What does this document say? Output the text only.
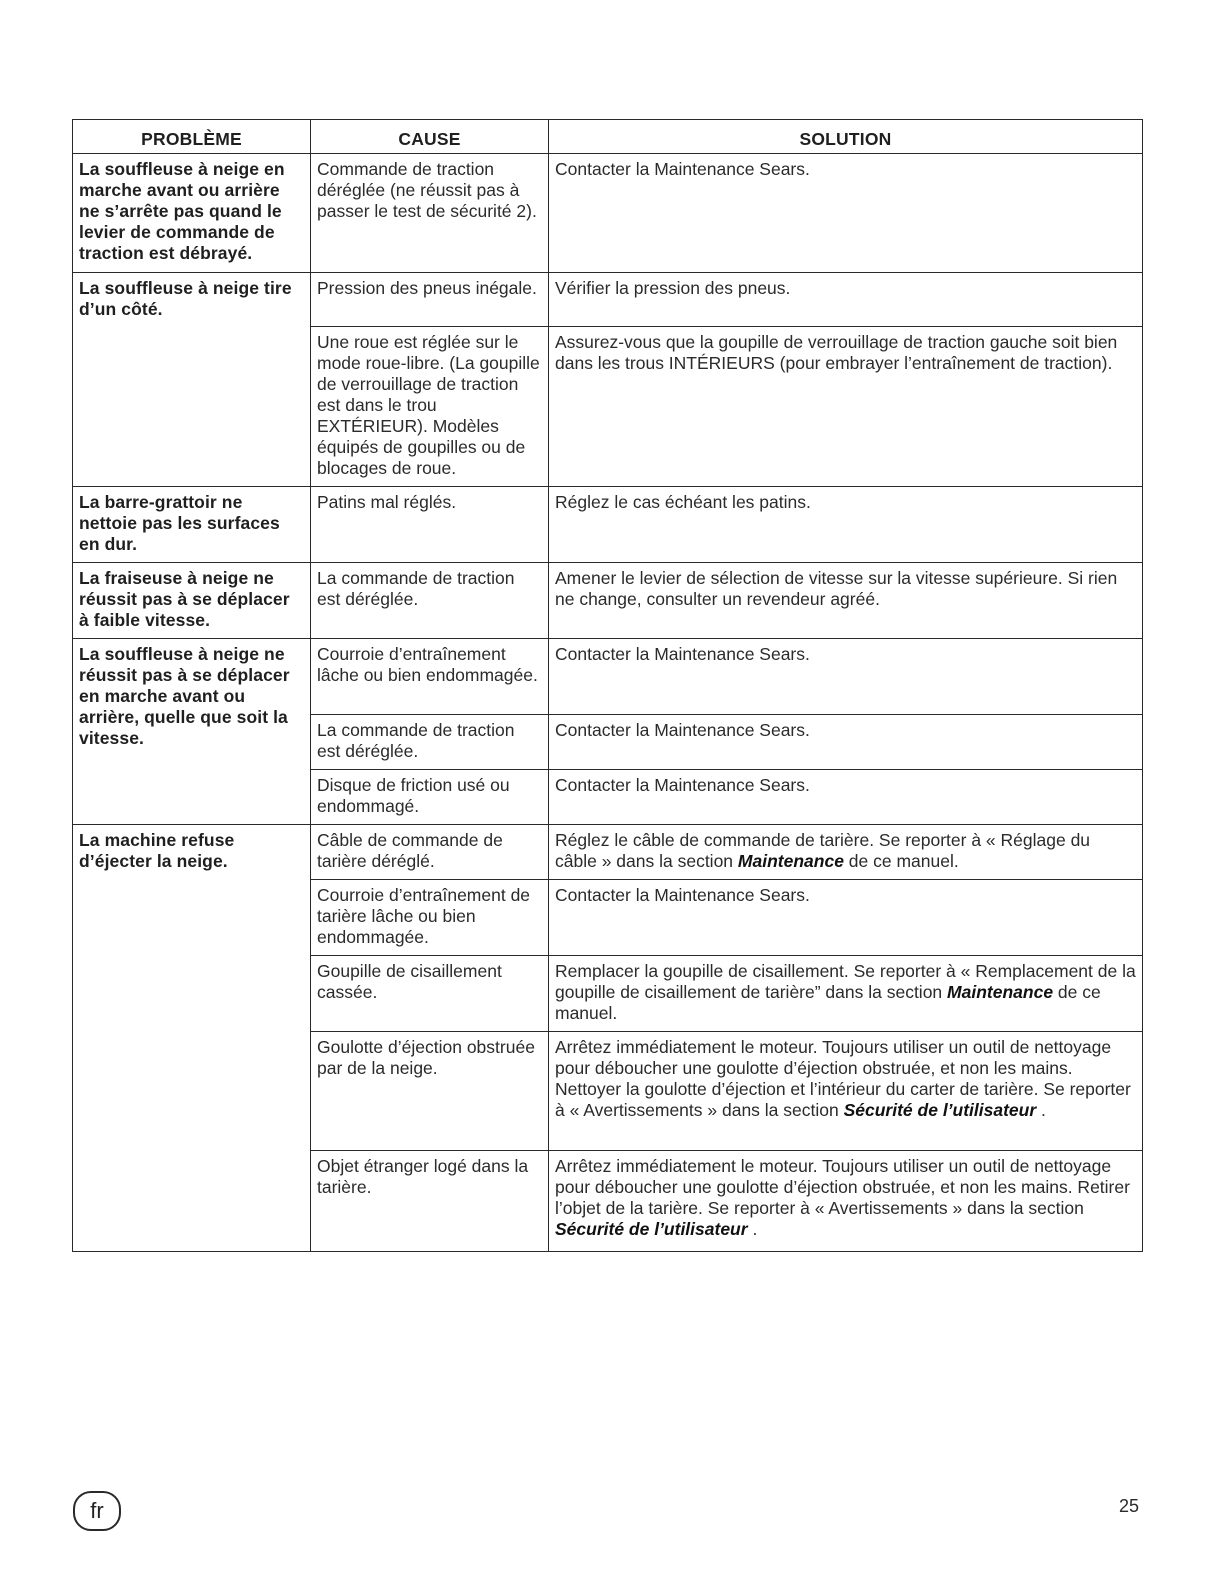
PROBLÈME	CAUSE	SOLUTION
La souffleuse à neige en marche avant ou arrière ne s’arrête pas quand le levier de commande de traction est débrayé.	Commande de traction déréglée (ne réussit pas à passer le test de sécurité 2).	Contacter la Maintenance Sears.
La souffleuse à neige tire d’un côté.	Pression des pneus inégale.	Vérifier la pression des pneus.
	Une roue est réglée sur le mode roue-libre. (La goupille de verrouillage de traction est dans le trou EXTÉRIEUR). Modèles équipés de goupilles ou de blocages de roue.	Assurez-vous que la goupille de verrouillage de traction gauche soit bien dans les trous INTÉRIEURS (pour embrayer l’entraînement de traction).
La barre-grattoir ne nettoie pas les surfaces en dur.	Patins mal réglés.	Réglez le cas échéant les patins.
La fraiseuse à neige ne réussit pas à se déplacer à faible vitesse.	La commande de traction est déréglée.	Amener le levier de sélection de vitesse sur la vitesse supérieure. Si rien ne change, consulter un revendeur agréé.
La souffleuse à neige ne réussit pas à se déplacer en marche avant ou arrière, quelle que soit la vitesse.	Courroie d’entraînement lâche ou bien endommagée.	Contacter la Maintenance Sears.
	La commande de traction est déréglée.	Contacter la Maintenance Sears.
	Disque de friction usé ou endommagé.	Contacter la Maintenance Sears.
La machine refuse d’éjecter la neige.	Câble de commande de tarière déréglé.	Réglez le câble de commande de tarière. Se reporter à « Réglage du câble » dans la section Maintenance de ce manuel.
	Courroie d’entraînement de tarière lâche ou bien endommagée.	Contacter la Maintenance Sears.
	Goupille de cisaillement cassée.	Remplacer la goupille de cisaillement. Se reporter à « Remplacement de la goupille de cisaillement de tarière” dans la section Maintenance de ce manuel.
	Goulotte d’éjection obstruée par de la neige.	Arrêtez immédiatement le moteur. Toujours utiliser un outil de nettoyage pour déboucher une goulotte d’éjection obstruée, et non les mains. Nettoyer la goulotte d’éjection et l’intérieur du carter de tarière. Se reporter à « Avertissements » dans la section Sécurité de l’utilisateur .
	Objet étranger logé dans la tarière.	Arrêtez immédiatement le moteur. Toujours utiliser un outil de nettoyage pour déboucher une goulotte d’éjection obstruée, et non les mains. Retirer l’objet de la tarière. Se reporter à « Avertissements » dans la section Sécurité de l’utilisateur .
fr	25
